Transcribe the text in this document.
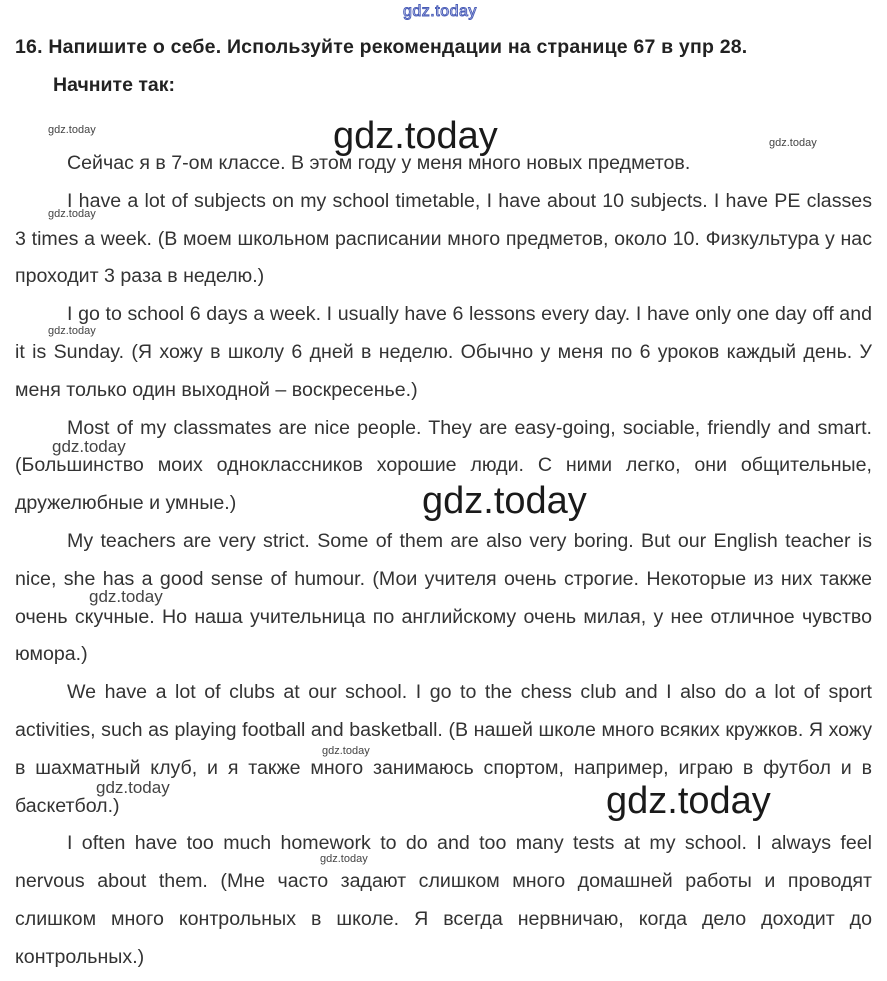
gdz.today
16. Напишите о себе. Используйте рекомендации на странице 67 в упр 28.
Начните так:

Сейчас я в 7-ом классе. В этом году у меня много новых предметов.

I have a lot of subjects on my school timetable, I have about 10 subjects. I have PE classes 3 times a week. (В моем школьном расписании много предметов, около 10. Физкультура у нас проходит 3 раза в неделю.)

I go to school 6 days a week. I usually have 6 lessons every day. I have only one day off and it is Sunday. (Я хожу в школу 6 дней в неделю. Обычно у меня по 6 уроков каждый день. У меня только один выходной – воскресенье.)

Most of my classmates are nice people. They are easy-going, sociable, friendly and smart. (Большинство моих одноклассников хорошие люди. С ними легко, они общительные, дружелюбные и умные.)

My teachers are very strict. Some of them are also very boring. But our English teacher is nice, she has a good sense of humour. (Мои учителя очень строгие. Некоторые из них также очень скучные. Но наша учительница по английскому очень милая, у нее отличное чувство юмора.)

We have a lot of clubs at our school. I go to the chess club and I also do a lot of sport activities, such as playing football and basketball. (В нашей школе много всяких кружков. Я хожу в шахматный клуб, и я также много занимаюсь спортом, например, играю в футбол и в баскетбол.)

I often have too much homework to do and too many tests at my school. I always feel nervous about them. (Мне часто задают слишком много домашней работы и проводят слишком много контрольных в школе. Я всегда нервничаю, когда дело доходит до контрольных.)

gdz.today	gdz.today	gdz.today
gdz.today
gdz.today
gdz.today
gdz.today
gdz.today
gdz.today
gdz.today	gdz.today
gdz.today
